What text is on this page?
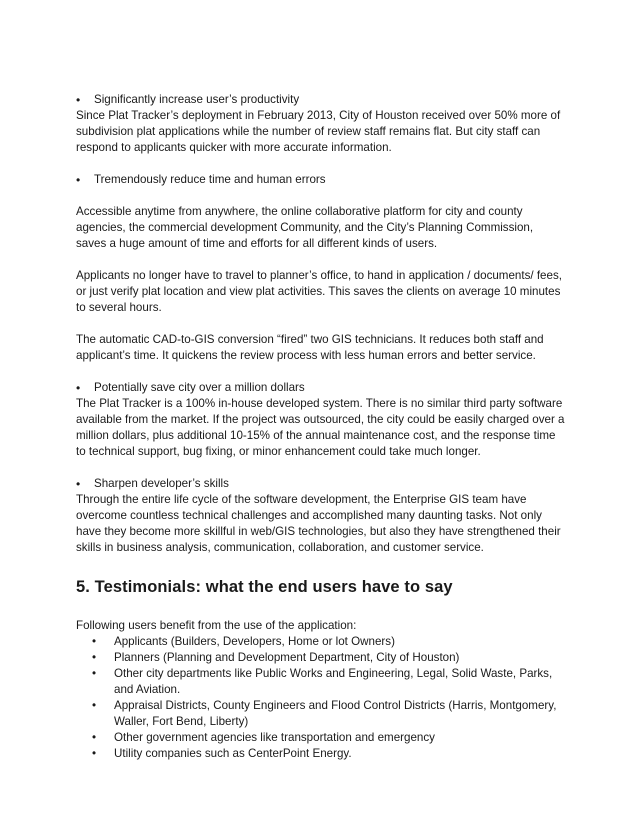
• Significantly increase user’s productivity

Since Plat Tracker’s deployment in February 2013, City of Houston received over 50% more of subdivision plat applications while the number of review staff remains flat. But city staff can respond to applicants quicker with more accurate information.

• Tremendously reduce time and human errors

Accessible anytime from anywhere, the online collaborative platform for city and county agencies, the commercial development Community, and the City’s Planning Commission, saves a huge amount of time and efforts for all different kinds of users.

Applicants no longer have to travel to planner’s office, to hand in application / documents/ fees, or just verify plat location and view plat activities. This saves the clients on average 10 minutes to several hours.

The automatic CAD-to-GIS conversion “fired” two GIS technicians. It reduces both staff and applicant’s time. It quickens the review process with less human errors and better service.

• Potentially save city over a million dollars

The Plat Tracker is a 100% in-house developed system. There is no similar third party software available from the market. If the project was outsourced, the city could be easily charged over a million dollars, plus additional 10-15% of the annual maintenance cost, and the response time to technical support, bug fixing, or minor enhancement could take much longer.

• Sharpen developer’s skills

Through the entire life cycle of the software development, the Enterprise GIS team have overcome countless technical challenges and accomplished many daunting tasks. Not only have they become more skillful in web/GIS technologies, but also they have strengthened their skills in business analysis, communication, collaboration, and customer service.

5. Testimonials: what the end users have to say

Following users benefit from the use of the application:

• Applicants (Builders, Developers, Home or lot Owners)
• Planners (Planning and Development Department, City of Houston)
• Other city departments like Public Works and Engineering, Legal, Solid Waste, Parks, and Aviation.
• Appraisal Districts, County Engineers and Flood Control Districts (Harris, Montgomery, Waller, Fort Bend, Liberty)
• Other government agencies like transportation and emergency
• Utility companies such as CenterPoint Energy.
